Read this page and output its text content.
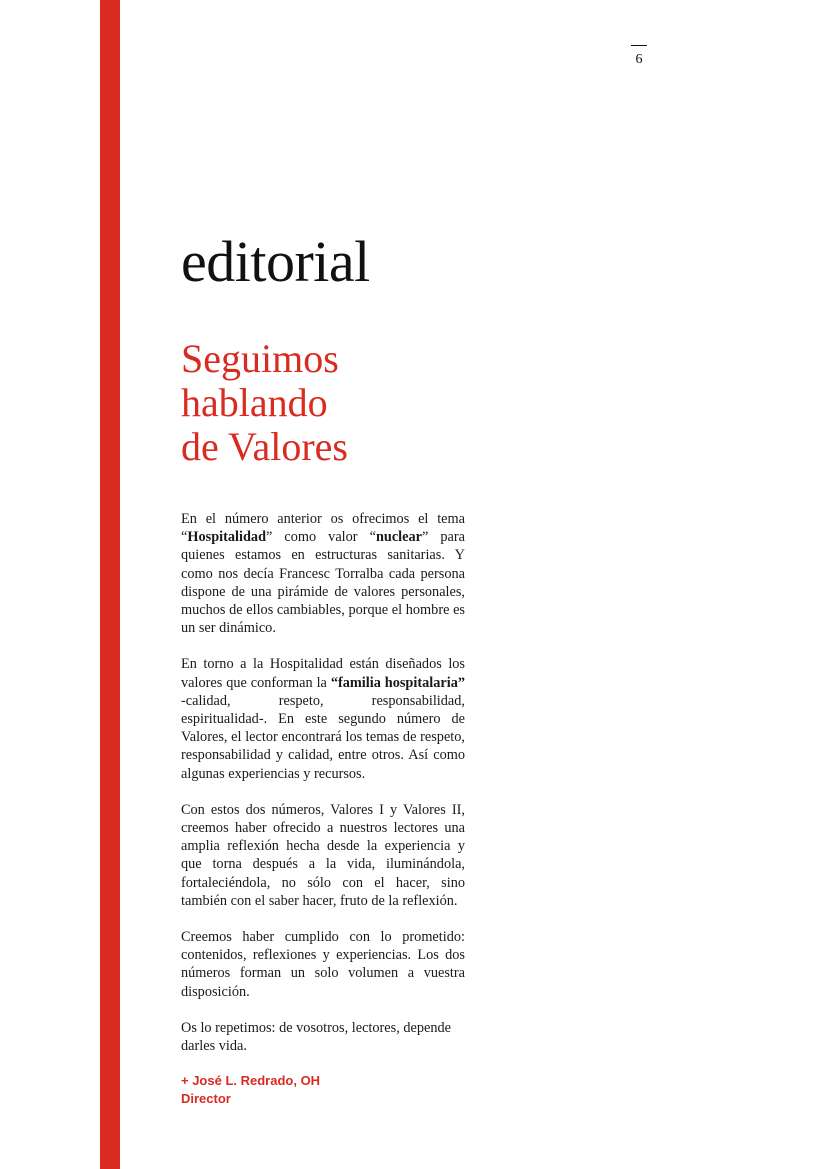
6
editorial
Seguimos
hablando
de Valores

En el número anterior os ofrecimos el tema “Hospitalidad” como valor “nuclear” para quienes estamos en estructuras sanitarias. Y como nos decía Francesc Torralba cada persona dispone de una pirámide de valores personales, muchos de ellos cambiables, porque el hombre es un ser dinámico.

En torno a la Hospitalidad están diseñados los valores que conforman la “familia hospitalaria” -calidad, respeto, responsabilidad, espiritualidad-. En este segundo número de Valores, el lector encontrará los temas de respeto, responsabilidad y calidad, entre otros. Así como algunas experiencias y recursos.

Con estos dos números, Valores I y Valores II, creemos haber ofrecido a nuestros lectores una amplia reflexión hecha desde la experiencia y que torna después a la vida, iluminándola, fortaleciéndola, no sólo con el hacer, sino también con el saber hacer, fruto de la reflexión.

Creemos haber cumplido con lo prometido: contenidos, reflexiones y experiencias. Los dos números forman un solo volumen a vuestra disposición.

Os lo repetimos: de vosotros, lectores, depende darles vida.

+ José L. Redrado, OH
Director
